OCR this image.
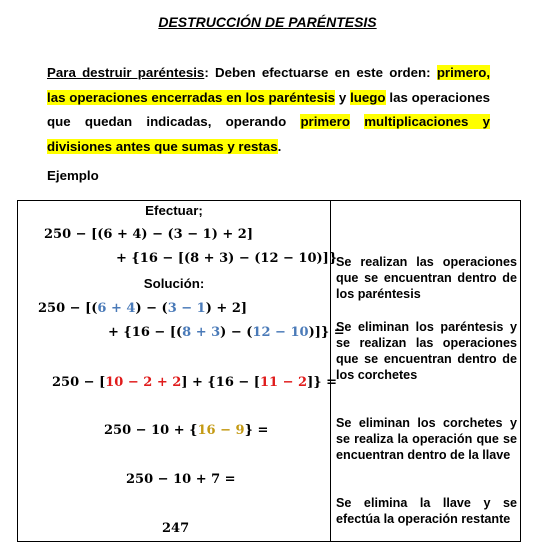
DESTRUCCIÓN DE PARÉNTESIS
Para destruir paréntesis: Deben efectuarse en este orden: primero, las operaciones encerradas en los paréntesis y luego las operaciones que quedan indicadas, operando primero multiplicaciones y divisiones antes que sumas y restas.
Ejemplo
Efectuar;
250 − [(6 + 4) − (3 − 1) + 2]
+ {16 − [(8 + 3) − (12 − 10)]}
Solución:
250 − [(6 + 4) − (3 − 1) + 2]
+ {16 − [(8 + 3) − (12 − 10)]} =
250 − [10 − 2 + 2] + {16 − [11 − 2]} =
250 − 10 + {16 − 9} =
250 − 10 + 7 =
247
Se realizan las operaciones que se encuentran dentro de los paréntesis
Se eliminan los paréntesis y se realizan las operaciones que se encuentran dentro de los corchetes
Se eliminan los corchetes y se realiza la operación que se encuentran dentro de la llave
Se elimina la llave y se efectúa la operación restante
